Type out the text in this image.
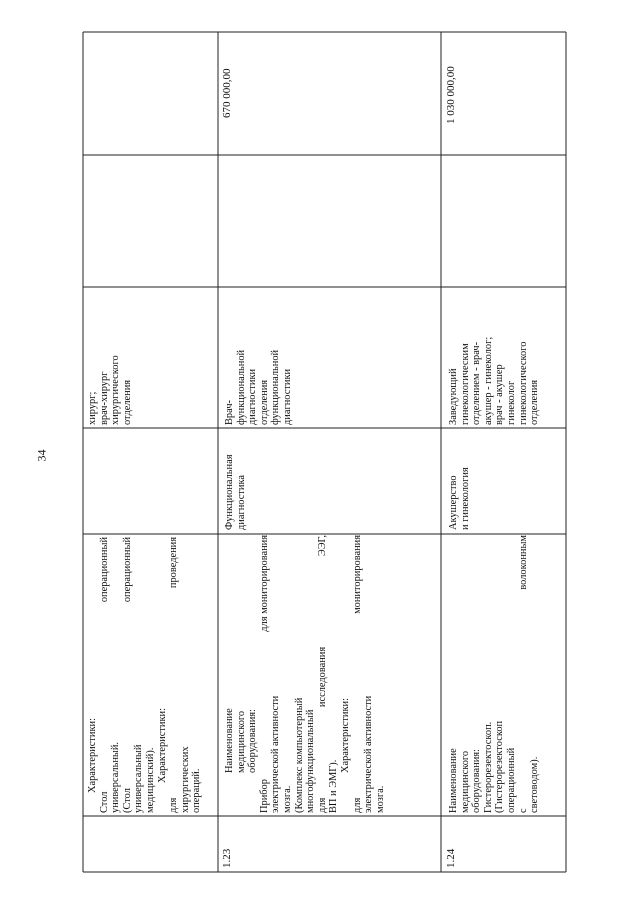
34
Характеристики:
Стол
операционный
универсальный. (Стол
операционный
универсальный медицинский). Характеристики:
для
проведения
хирургических операций.
хирург; врач-хирург хирургического отделения
1.23
Наименование медицинского оборудования:
Прибор
для мониторирования
электрической активности мозга. (Комплекс компьютерный многофункциональный для
исследования
ЭЭГ,
ВП и ЭМГ).
Характеристики:
для
мониторирования
электрической активности мозга.
Функциональная диагностика
Врач- функциональной диагностики отделения функциональной диагностики
670 000,00
1.24
Наименование медицинского оборудования: Гистерорезектоскоп. (Гистерорезектоскоп операционный с
волоконным
световодом).
Акушерство и гинекология
Заведующий гинекологическим отделением - врач- акушер - гинеколог; врач - акушер гинеколог гинекологического отделения
1 030 000,00
